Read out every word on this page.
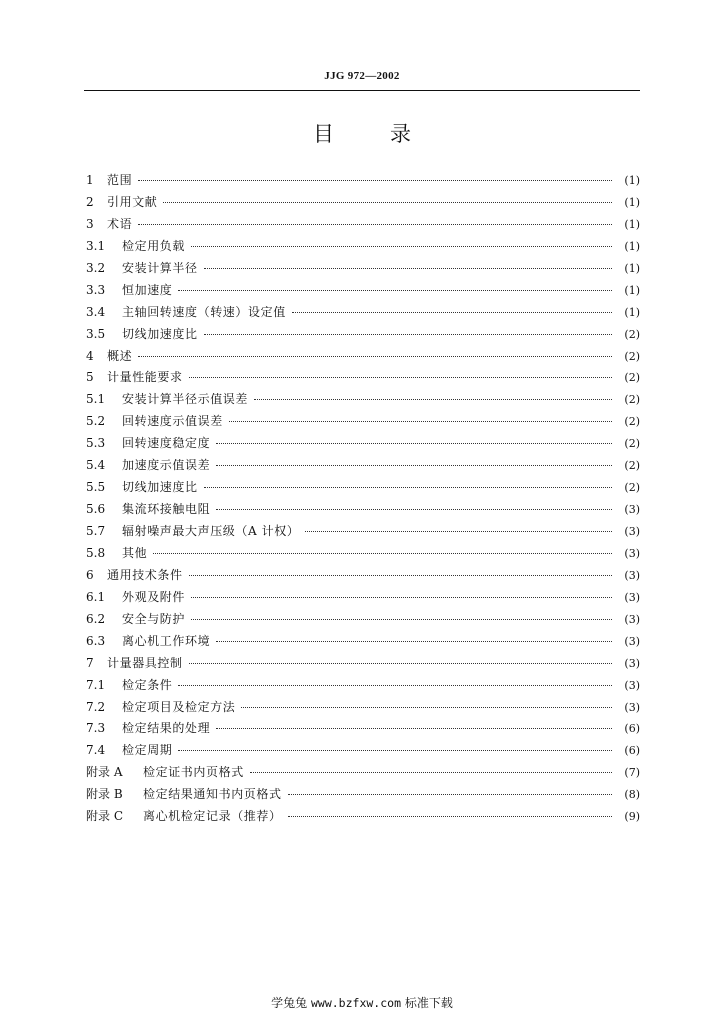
JJG 972—2002
目录
1	范围	(1)
2	引用文献	(1)
3	术语	(1)
3.1	检定用负载	(1)
3.2	安装计算半径	(1)
3.3	恒加速度	(1)
3.4	主轴回转速度（转速）设定值	(1)
3.5	切线加速度比	(2)
4	概述	(2)
5	计量性能要求	(2)
5.1	安装计算半径示值误差	(2)
5.2	回转速度示值误差	(2)
5.3	回转速度稳定度	(2)
5.4	加速度示值误差	(2)
5.5	切线加速度比	(2)
5.6	集流环接触电阻	(3)
5.7	辐射噪声最大声压级（A 计权）	(3)
5.8	其他	(3)
6	通用技术条件	(3)
6.1	外观及附件	(3)
6.2	安全与防护	(3)
6.3	离心机工作环境	(3)
7	计量器具控制	(3)
7.1	检定条件	(3)
7.2	检定项目及检定方法	(3)
7.3	检定结果的处理	(6)
7.4	检定周期	(6)
附录 A	检定证书内页格式	(7)
附录 B	检定结果通知书内页格式	(8)
附录 C	离心机检定记录（推荐）	(9)
学兔兔 www.bzfxw.com 标准下载
